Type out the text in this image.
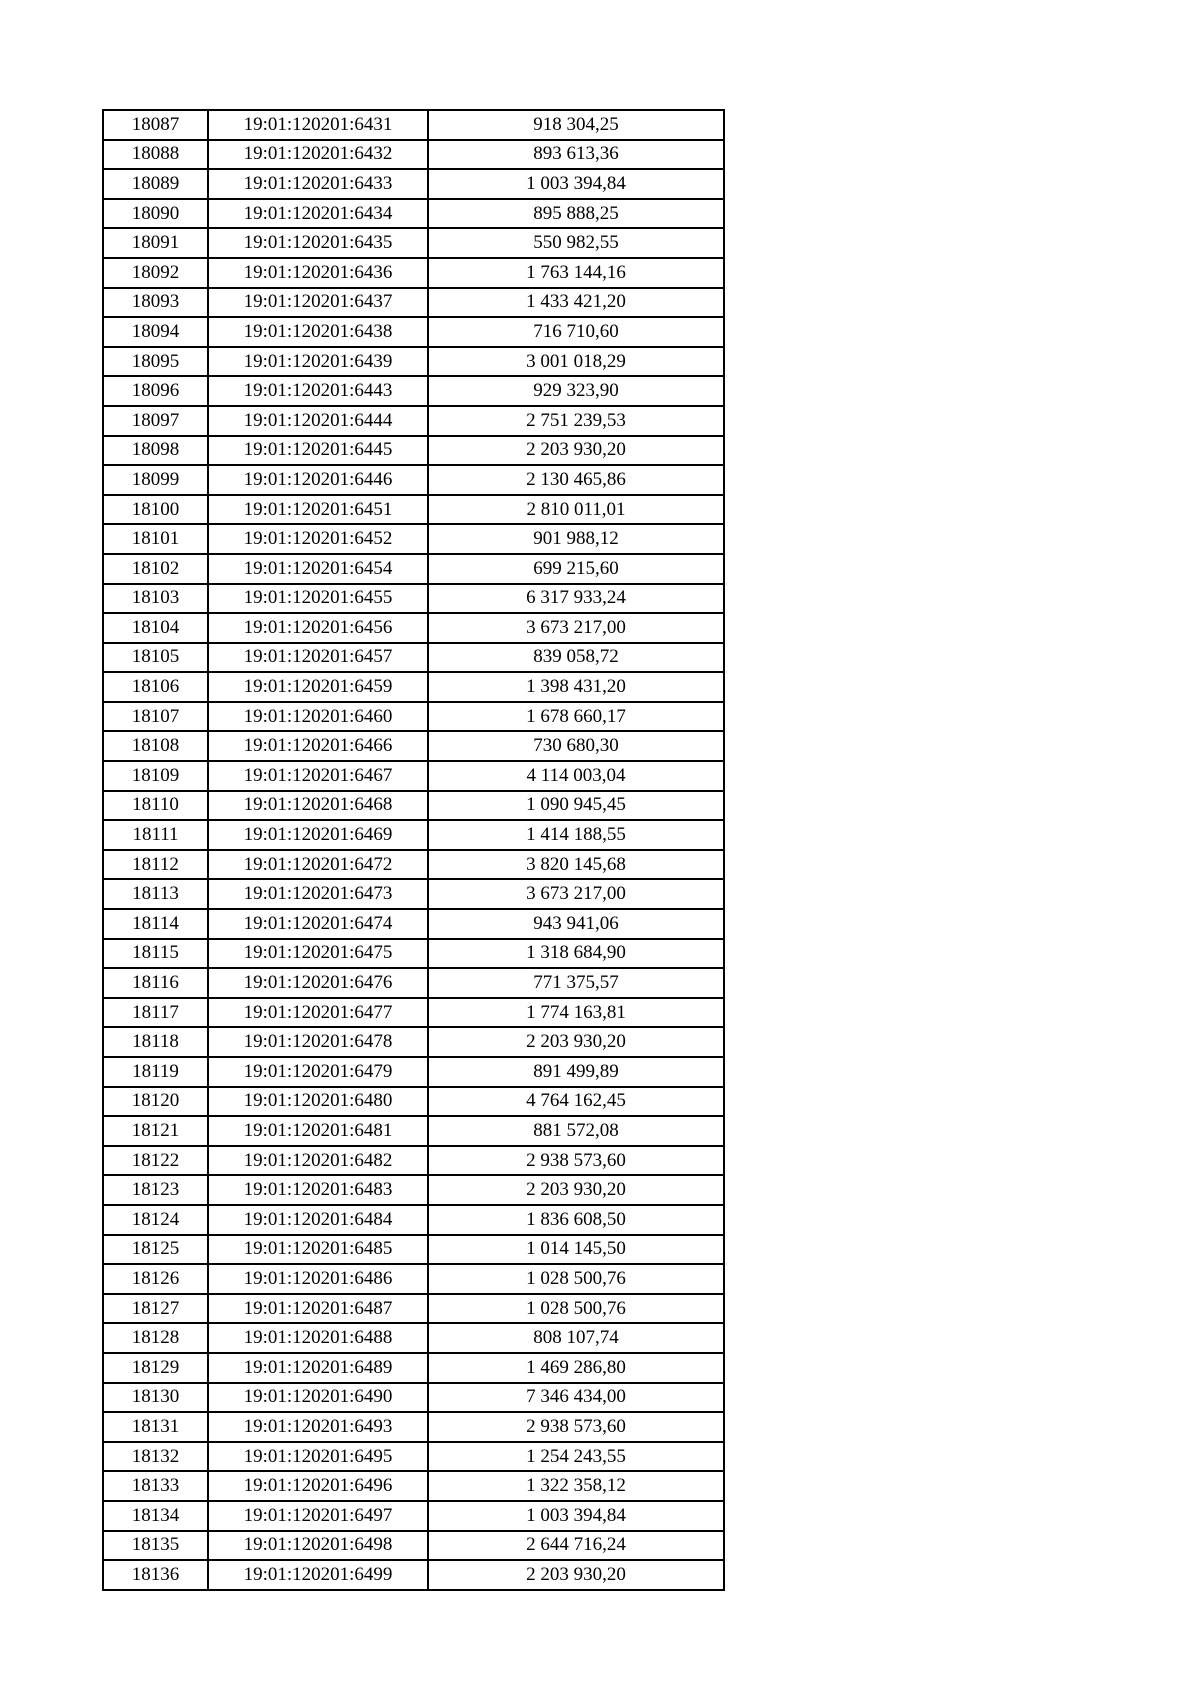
18087	19:01:120201:6431	918 304,25
18088	19:01:120201:6432	893 613,36
18089	19:01:120201:6433	1 003 394,84
18090	19:01:120201:6434	895 888,25
18091	19:01:120201:6435	550 982,55
18092	19:01:120201:6436	1 763 144,16
18093	19:01:120201:6437	1 433 421,20
18094	19:01:120201:6438	716 710,60
18095	19:01:120201:6439	3 001 018,29
18096	19:01:120201:6443	929 323,90
18097	19:01:120201:6444	2 751 239,53
18098	19:01:120201:6445	2 203 930,20
18099	19:01:120201:6446	2 130 465,86
18100	19:01:120201:6451	2 810 011,01
18101	19:01:120201:6452	901 988,12
18102	19:01:120201:6454	699 215,60
18103	19:01:120201:6455	6 317 933,24
18104	19:01:120201:6456	3 673 217,00
18105	19:01:120201:6457	839 058,72
18106	19:01:120201:6459	1 398 431,20
18107	19:01:120201:6460	1 678 660,17
18108	19:01:120201:6466	730 680,30
18109	19:01:120201:6467	4 114 003,04
18110	19:01:120201:6468	1 090 945,45
18111	19:01:120201:6469	1 414 188,55
18112	19:01:120201:6472	3 820 145,68
18113	19:01:120201:6473	3 673 217,00
18114	19:01:120201:6474	943 941,06
18115	19:01:120201:6475	1 318 684,90
18116	19:01:120201:6476	771 375,57
18117	19:01:120201:6477	1 774 163,81
18118	19:01:120201:6478	2 203 930,20
18119	19:01:120201:6479	891 499,89
18120	19:01:120201:6480	4 764 162,45
18121	19:01:120201:6481	881 572,08
18122	19:01:120201:6482	2 938 573,60
18123	19:01:120201:6483	2 203 930,20
18124	19:01:120201:6484	1 836 608,50
18125	19:01:120201:6485	1 014 145,50
18126	19:01:120201:6486	1 028 500,76
18127	19:01:120201:6487	1 028 500,76
18128	19:01:120201:6488	808 107,74
18129	19:01:120201:6489	1 469 286,80
18130	19:01:120201:6490	7 346 434,00
18131	19:01:120201:6493	2 938 573,60
18132	19:01:120201:6495	1 254 243,55
18133	19:01:120201:6496	1 322 358,12
18134	19:01:120201:6497	1 003 394,84
18135	19:01:120201:6498	2 644 716,24
18136	19:01:120201:6499	2 203 930,20
